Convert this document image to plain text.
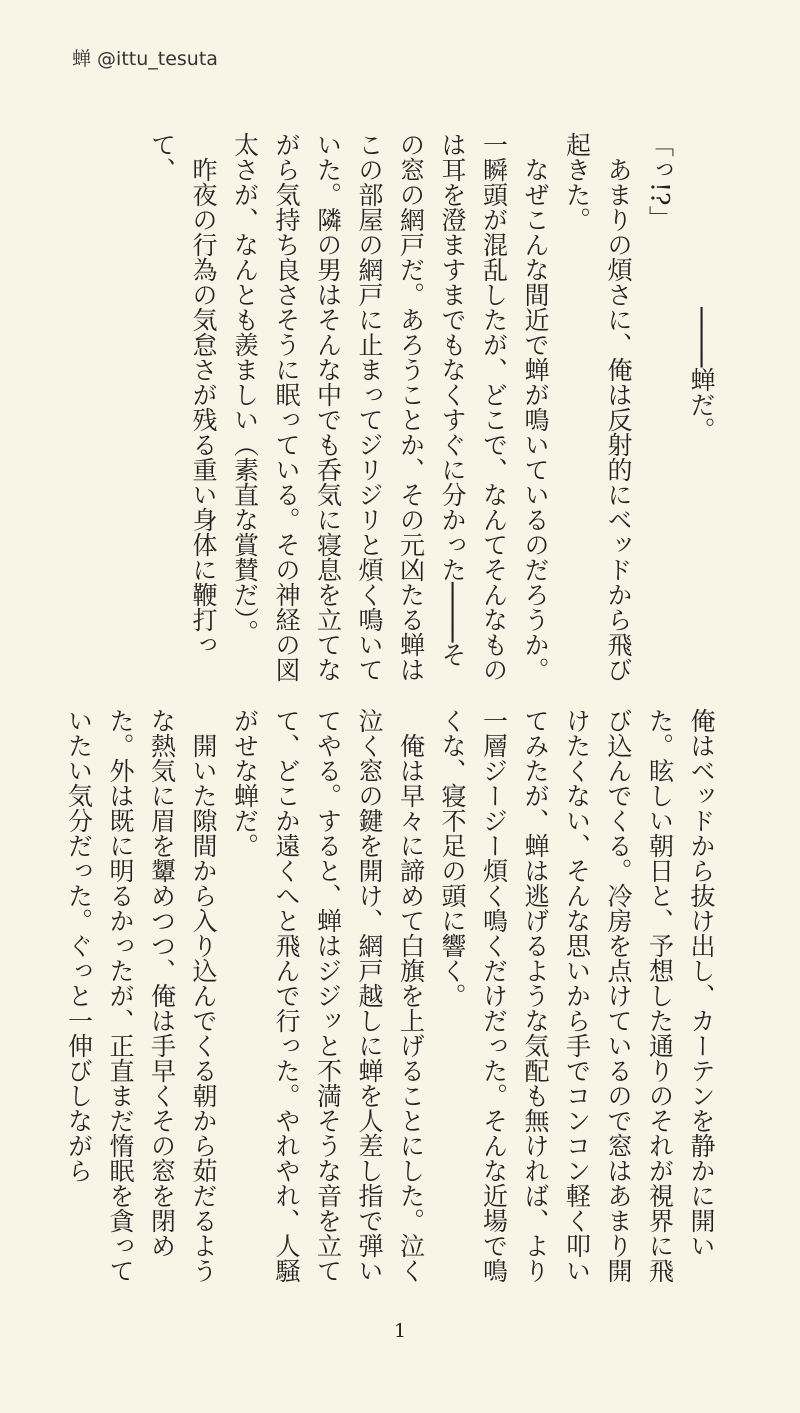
蝉 @ittu_tesuta

　　　　　　　────蝉だ。

「っ!?」

あまりの煩さに、俺は反射的にベッドから飛び起きた。

なぜこんな間近で蝉が鳴いているのだろうか。一瞬頭が混乱したが、どこで、なんてそんなものは耳を澄ますまでもなくすぐに分かった────その窓の網戸だ。あろうことか、その元凶たる蝉はこの部屋の網戸に止まってジリジリと煩く鳴いていた。隣の男はそんな中でも呑気に寝息を立てながら気持ち良さそうに眠っている。その神経の図太さが、なんとも羨ましい（素直な賞賛だ）。

昨夜の行為の気怠さが残る重い身体に鞭打って、

俺はベッドから抜け出し、カーテンを静かに開いた。眩しい朝日と、予想した通りのそれが視界に飛び込んでくる。冷房を点けているので窓はあまり開けたくない、そんな思いから手でコンコン軽く叩いてみたが、蝉は逃げるような気配も無ければ、より一層ジージー煩く鳴くだけだった。そんな近場で鳴くな、寝不足の頭に響く。

俺は早々に諦めて白旗を上げることにした。泣く泣く窓の鍵を開け、網戸越しに蝉を人差し指で弾いてやる。すると、蝉はジジッと不満そうな音を立てて、どこか遠くへと飛んで行った。やれやれ、人騒がせな蝉だ。

開いた隙間から入り込んでくる朝から茹だるような熱気に眉を顰めつつ、俺は手早くその窓を閉めた。外は既に明るかったが、正直まだ惰眠を貪っていたい気分だった。ぐっと一伸びしながら

1
